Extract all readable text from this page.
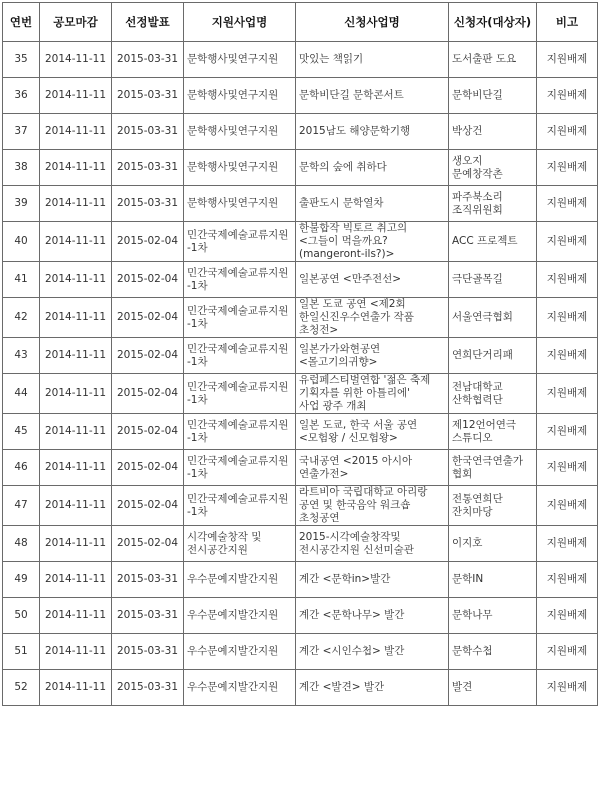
연번	공모마감	선정발표	지원사업명	신청사업명	신청자(대상자)	비고
35	2014-11-11	2015-03-31	문학행사및연구지원	맛있는 책읽기	도서출판 도요	지원배제
36	2014-11-11	2015-03-31	문학행사및연구지원	문학비단길 문학콘서트	문학비단길	지원배제
37	2014-11-11	2015-03-31	문학행사및연구지원	2015남도 해양문학기행	박상건	지원배제
38	2014-11-11	2015-03-31	문학행사및연구지원	문학의 숲에 취하다	생오지
문예창작촌	지원배제
39	2014-11-11	2015-03-31	문학행사및연구지원	출판도시 문학열차	파주북소리
조직위원회	지원배제
40	2014-11-11	2015-02-04	민간국제예술교류지원
-1차	한불합작 빅토르 취고의
<그들이 먹을까요?
(mangeront-ils?)>	ACC 프로젝트	지원배제
41	2014-11-11	2015-02-04	민간국제예술교류지원
-1차	일본공연 <만주전선>	극단골목길	지원배제
42	2014-11-11	2015-02-04	민간국제예술교류지원
-1차	일본 도쿄 공연 <제2회
한일신진우수연출가 작품
초청전>	서울연극협회	지원배제
43	2014-11-11	2015-02-04	민간국제예술교류지원
-1차	일본가가와현공연
<몰고기의귀향>	연희단거리패	지원배제
44	2014-11-11	2015-02-04	민간국제예술교류지원
-1차	유럽페스티벌연합 '젊은 축제
기획자를 위한 아틀리에'
사업 광주 개최	전남대학교
산학협력단	지원배제
45	2014-11-11	2015-02-04	민간국제예술교류지원
-1차	일본 도쿄, 한국 서울 공연
<모험왕 / 신모험왕>	제12언어연극
스튜디오	지원배제
46	2014-11-11	2015-02-04	민간국제예술교류지원
-1차	국내공연 <2015 아시아
연출가전>	한국연극연출가
협회	지원배제
47	2014-11-11	2015-02-04	민간국제예술교류지원
-1차	라트비아 국립대학교 아리랑
공연 및 한국음악 워크숍
초청공연	전통연희단
잔치마당	지원배제
48	2014-11-11	2015-02-04	시각예술창작 및
전시공간지원	2015-시각예술창작및
전시공간지원 신선미술관	이지호	지원배제
49	2014-11-11	2015-03-31	우수문예지발간지원	계간 <문학in>발간	문학IN	지원배제
50	2014-11-11	2015-03-31	우수문예지발간지원	계간 <문학나무> 발간	문학나무	지원배제
51	2014-11-11	2015-03-31	우수문예지발간지원	계간 <시인수첩> 발간	문학수첩	지원배제
52	2014-11-11	2015-03-31	우수문예지발간지원	계간 <발견> 발간	발견	지원배제
